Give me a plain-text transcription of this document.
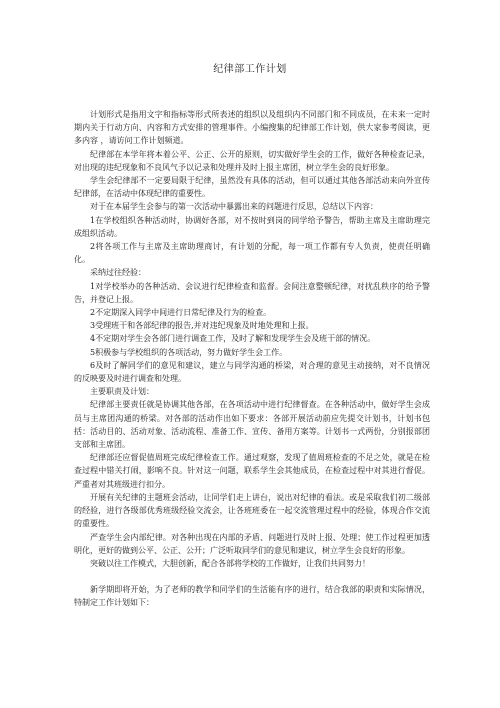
纪律部工作计划

计划形式是指用文字和指标等形式所表述的组织以及组织内不同部门和不同成员，在未来一定时期内关于行动方向、内容和方式安排的管理事件。小编搜集的纪律部工作计划，供大家参考阅读，更多内容 ，请访问工作计划频道。

纪律部在本学年将本着公平、公正、公开的原则，切实做好学生会的工作，做好各种检查记录，对出现的违纪现象和不良风气予以记录和处理并及时上报主席团，树立学生会的良好形象。

学生会纪律部不一定要局限于纪律，虽然没有具体的活动，但可以通过其他各部活动来向外宣传纪律部，在活动中体现纪律的重要性。

对于在本届学生会参与的第一次活动中暴露出来的问题进行反思，总结以下内容：

1在学校组织各种活动时，协调好各部，对不按时到岗的同学给予警告，帮助主席及主席助理完成组织活动。

2将各项工作与主席及主席助理商讨，有计划的分配，每一项工作都有专人负责，使责任明确化。

采纳过往经验：

1对学校举办的各种活动、会议进行纪律检查和监督。会间注意整顿纪律，对扰乱秩序的给予警告，并登记上报。

2不定期深入同学中间进行日常纪律及行为的检查。

3受理班干和各部纪律的报告,并对违纪现象及时地处理和上报。

4不定期对学生会各部门进行调查工作，及时了解和发现学生会及班干部的情况。

5积极参与学校组织的各项活动，努力做好学生会工作。

6及时了解同学们的意见和建议，建立与同学沟通的桥梁，对合理的意见主动接纳，对不良情况的反映要及时进行调查和处理。

主要职责及计划：

纪律部主要责任就是协调其他各部，在各项活动中进行纪律督查。在各种活动中，做好学生会成员与主席团沟通的桥梁。对各部的活动作出如下要求：各部开展活动前应先提交计划书，计划书包括：活动目的、活动对象、活动流程、准备工作、宣传、备用方案等。计划书一式两份，分别报部团支部和主席团。

纪律部还应督促值周班完成纪律检查工作。通过观察，发现了值周班检查的不足之处，就是在检查过程中错关打闹，影响不良。针对这一问题，联系学生会其他成员，在检查过程中对其进行督促。严重者对其班级进行扣分。

开展有关纪律的主题班会活动，让同学们走上讲台，说出对纪律的看法。或是采取我们初二级部的经验，进行各级部优秀班级经验交流会，让各班班委在一起交流管理过程中的经验，体现合作交流的重要性。

严查学生会内部纪律。对各种出现在内部的矛盾、问题进行及时上报、处理；使工作过程更加透明化，更好的做到公平、公正、公开；广泛听取同学们的意见和建议，树立学生会良好的形象。

突破以往工作模式，大胆创新，配合各部将学校的工作做好，让我们共同努力！

新学期即将开始，为了老师的教学和同学们的生活能有序的进行，结合我部的职责和实际情况，特制定工作计划如下：
